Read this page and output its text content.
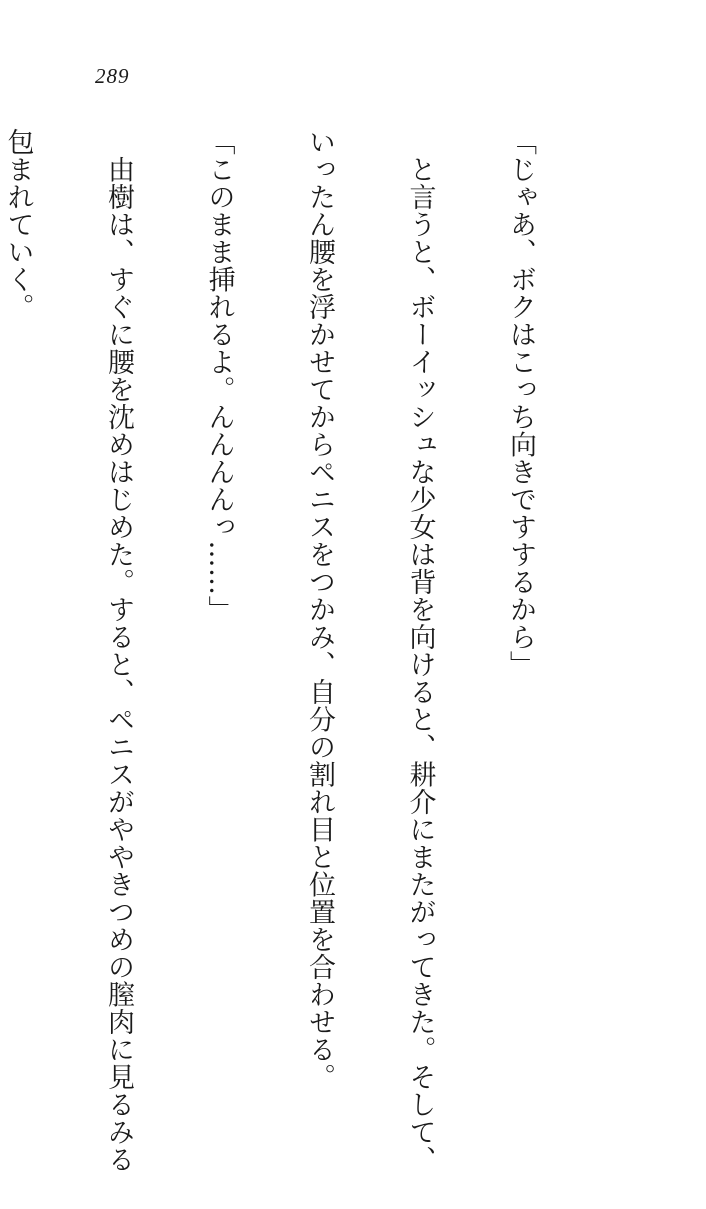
289

「じゃあ、ボクはこっち向きですするから」

　と言うと、ボーイッシュな少女は背を向けると、耕介にまたがってきた。そして、

いったん腰を浮かせてからペニスをつかみ、自分の割れ目と位置を合わせる。

「このまま挿れるよ。んんんんっ……」

　由樹は、すぐに腰を沈めはじめた。すると、ペニスがややきつめの膣肉に見るみる

包まれていく。
